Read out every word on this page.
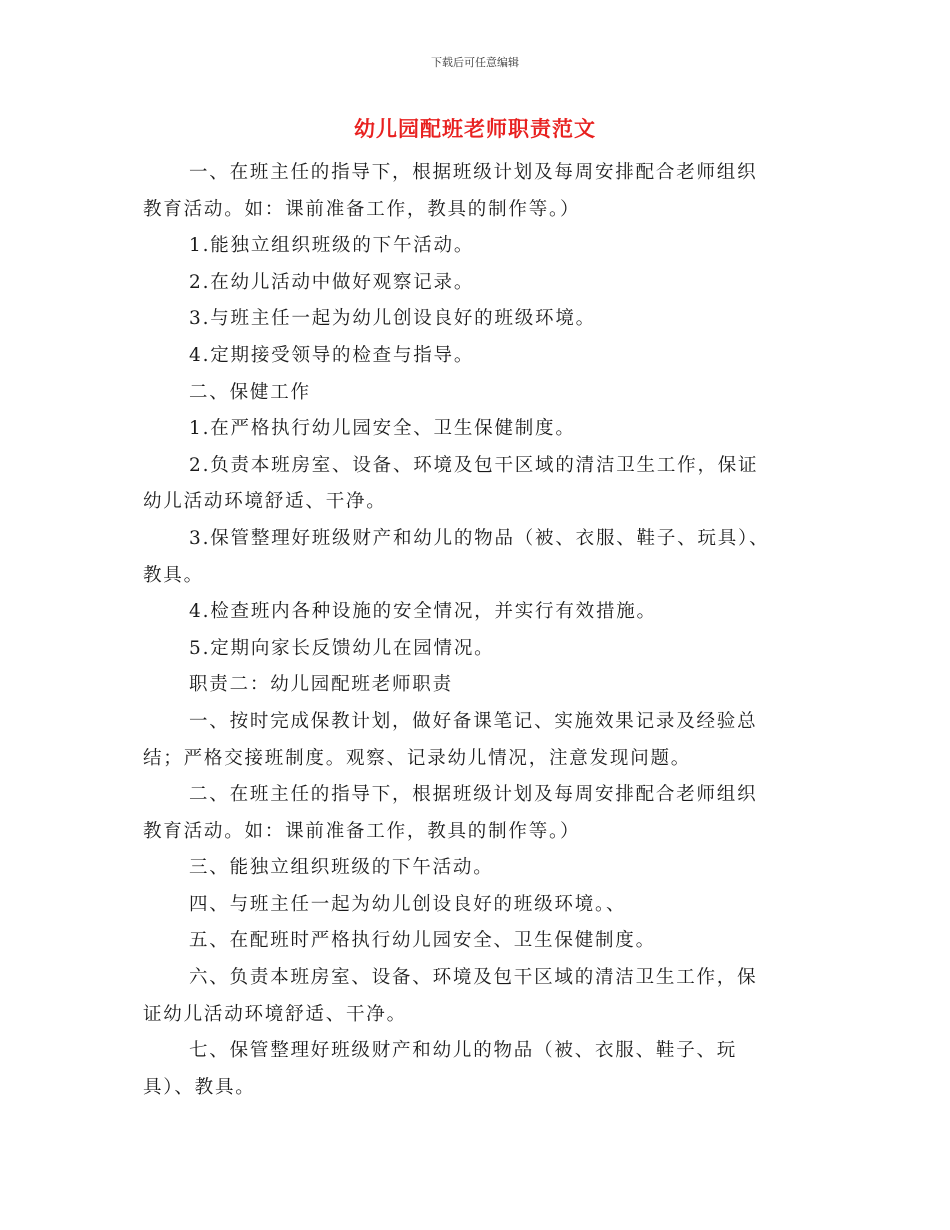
下载后可任意编辑
幼儿园配班老师职责范文

一、在班主任的指导下，根据班级计划及每周安排配合老师组织
教育活动。如：课前准备工作，教具的制作等。）

1.能独立组织班级的下午活动。

2.在幼儿活动中做好观察记录。

3.与班主任一起为幼儿创设良好的班级环境。

4.定期接受领导的检查与指导。

二、保健工作

1.在严格执行幼儿园安全、卫生保健制度。

2.负责本班房室、设备、环境及包干区域的清洁卫生工作，保证
幼儿活动环境舒适、干净。

3.保管整理好班级财产和幼儿的物品（被、衣服、鞋子、玩具）、
教具。

4.检查班内各种设施的安全情况，并实行有效措施。

5.定期向家长反馈幼儿在园情况。

职责二：幼儿园配班老师职责

一、按时完成保教计划，做好备课笔记、实施效果记录及经验总
结；严格交接班制度。观察、记录幼儿情况，注意发现问题。

二、在班主任的指导下，根据班级计划及每周安排配合老师组织
教育活动。如：课前准备工作，教具的制作等。）

三、能独立组织班级的下午活动。

四、与班主任一起为幼儿创设良好的班级环境。、

五、在配班时严格执行幼儿园安全、卫生保健制度。

六、负责本班房室、设备、环境及包干区域的清洁卫生工作，保
证幼儿活动环境舒适、干净。

七、保管整理好班级财产和幼儿的物品（被、衣服、鞋子、玩
具）、教具。
